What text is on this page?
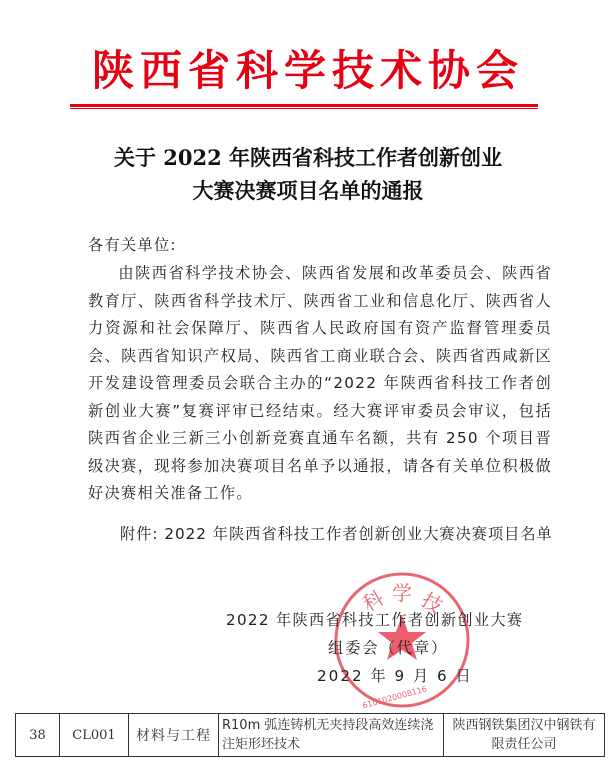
陕西省科学技术协会
关于 2022 年陕西省科技工作者创新创业
大赛决赛项目名单的通报
各有关单位:
由陕西省科学技术协会、陕西省发展和改革委员会、陕西省教育厅、陕西省科学技术厅、陕西省工业和信息化厅、陕西省人力资源和社会保障厅、陕西省人民政府国有资产监督管理委员会、陕西省知识产权局、陕西省工商业联合会、陕西省西咸新区开发建设管理委员会联合主办的“2022 年陕西省科技工作者创新创业大赛”复赛评审已经结束。经大赛评审委员会审议，包括陕西省企业三新三小创新竞赛直通车名额，共有 250 个项目晋级决赛，现将参加决赛项目名单予以通报，请各有关单位积极做好决赛相关准备工作。
附件: 2022 年陕西省科技工作者创新创业大赛决赛项目名单
科 学 技
6101020008116
2022 年陕西省科技工作者创新创业大赛
组委会（代章）
2022 年 9 月 6 日
38	CL001	材料与工程	R10m 弧连铸机无夹持段高效连续浇注矩形坯技术	陕西钢铁集团汉中钢铁有限责任公司
